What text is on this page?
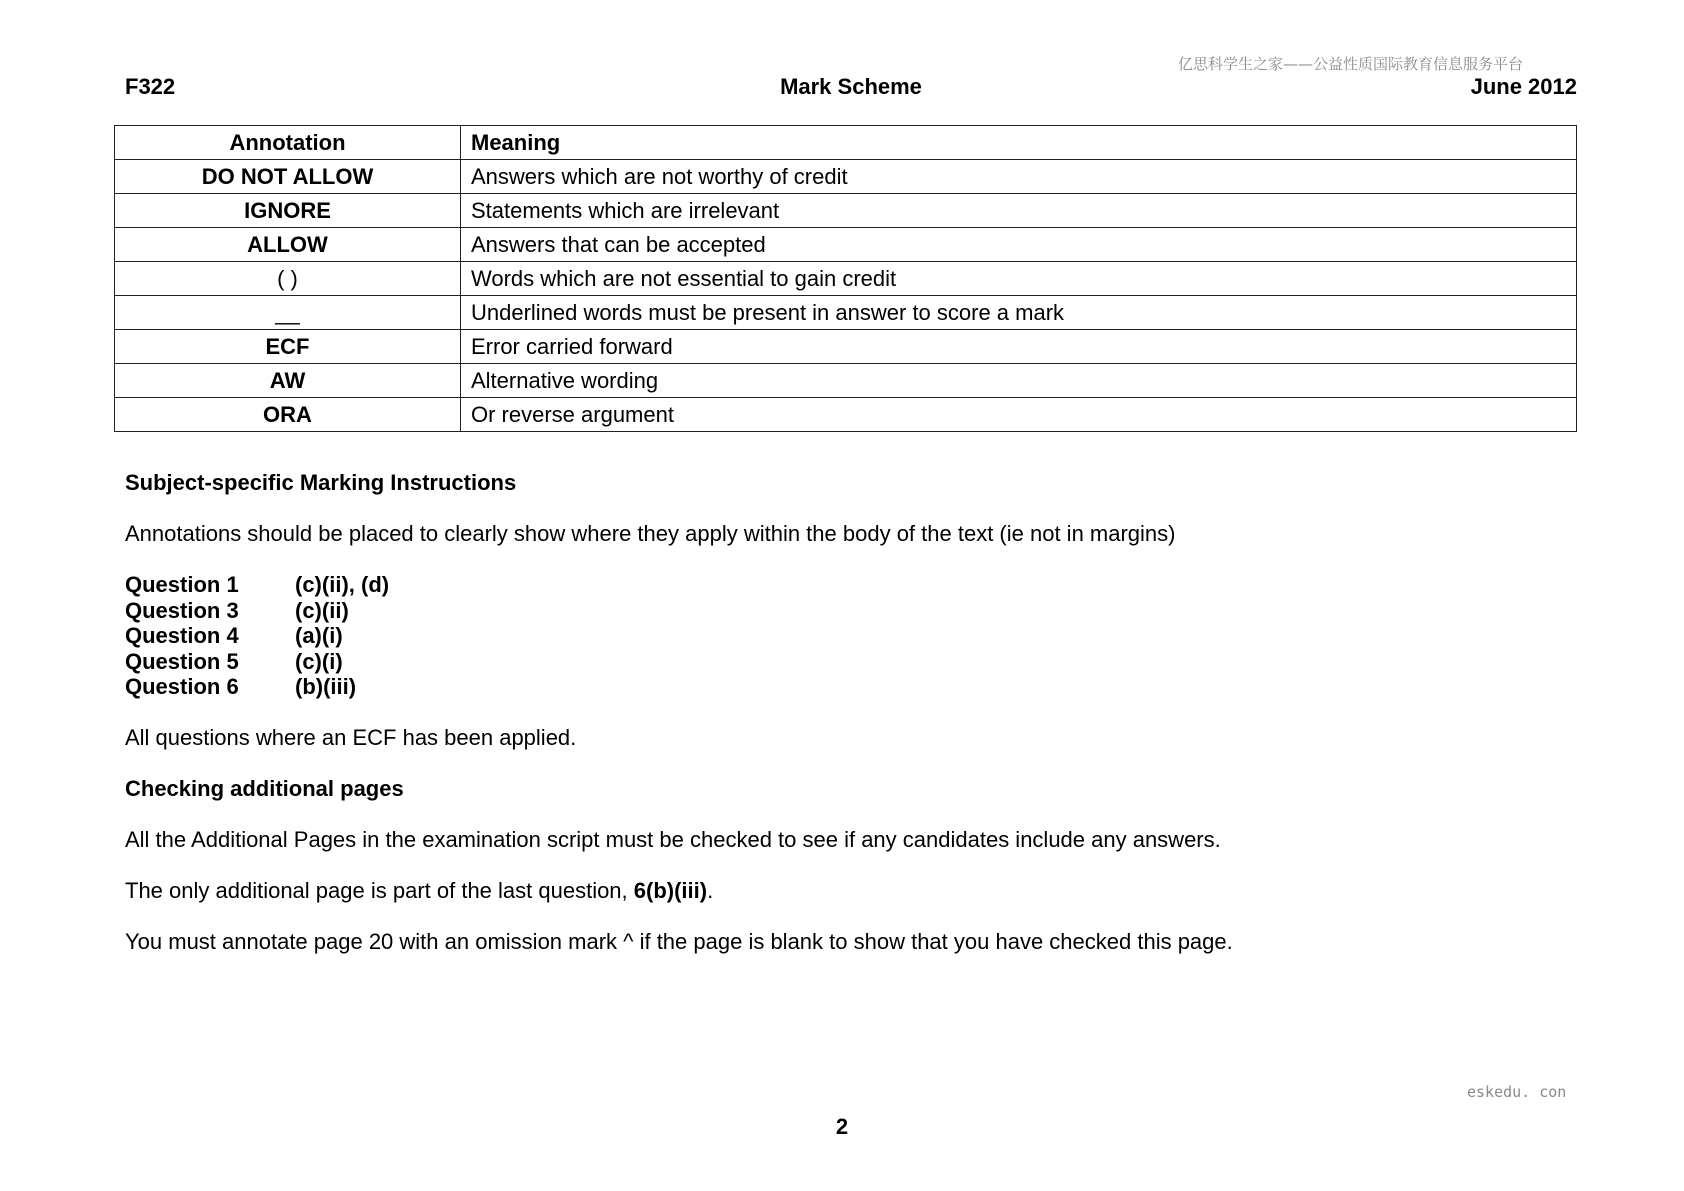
亿思科学生之家——公益性质国际教育信息服务平台
F322	Mark Scheme	June 2012
Annotation	Meaning
DO NOT ALLOW	Answers which are not worthy of credit
IGNORE	Statements which are irrelevant
ALLOW	Answers that can be accepted
( )	Words which are not essential to gain credit
__	Underlined words must be present in answer to score a mark
ECF	Error carried forward
AW	Alternative wording
ORA	Or reverse argument
Subject-specific Marking Instructions
Annotations should be placed to clearly show where they apply within the body of the text (ie not in margins)
Question 1	(c)(ii), (d)
Question 3	(c)(ii)
Question 4	(a)(i)
Question 5	(c)(i)
Question 6	(b)(iii)
All questions where an ECF has been applied.
Checking additional pages
All the Additional Pages in the examination script must be checked to see if any candidates include any answers.
The only additional page is part of the last question, 6(b)(iii).
You must annotate page 20 with an omission mark ^ if the page is blank to show that you have checked this page.
eskedu. con
2
